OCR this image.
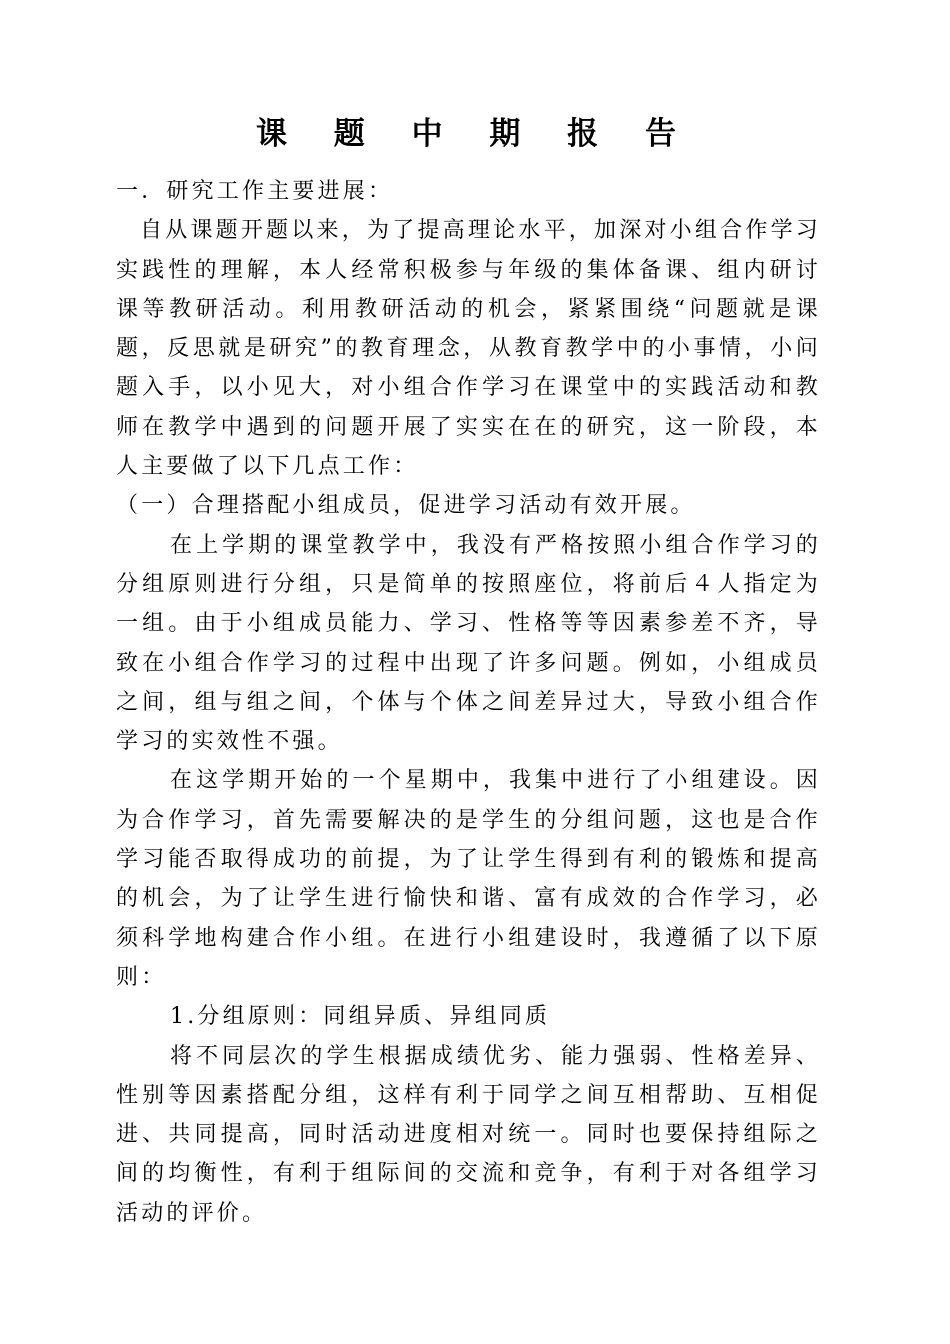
课 题 中 期 报 告

一．研究工作主要进展：

自从课题开题以来，为了提高理论水平，加深对小组合作学习实践性的理解，本人经常积极参与年级的集体备课、组内研讨课等教研活动。利用教研活动的机会，紧紧围绕“问题就是课题，反思就是研究”的教育理念，从教育教学中的小事情，小问题入手，以小见大，对小组合作学习在课堂中的实践活动和教师在教学中遇到的问题开展了实实在在的研究，这一阶段，本人主要做了以下几点工作：

（一）合理搭配小组成员，促进学习活动有效开展。

在上学期的课堂教学中，我没有严格按照小组合作学习的分组原则进行分组，只是简单的按照座位，将前后４人指定为一组。由于小组成员能力、学习、性格等等因素参差不齐，导致在小组合作学习的过程中出现了许多问题。例如，小组成员之间，组与组之间，个体与个体之间差异过大，导致小组合作学习的实效性不强。

在这学期开始的一个星期中，我集中进行了小组建设。因为合作学习，首先需要解决的是学生的分组问题，这也是合作学习能否取得成功的前提，为了让学生得到有利的锻炼和提高的机会，为了让学生进行愉快和谐、富有成效的合作学习，必须科学地构建合作小组。在进行小组建设时，我遵循了以下原则：

1.分组原则：同组异质、异组同质

将不同层次的学生根据成绩优劣、能力强弱、性格差异、性别等因素搭配分组，这样有利于同学之间互相帮助、互相促进、共同提高，同时活动进度相对统一。同时也要保持组际之间的均衡性，有利于组际间的交流和竞争，有利于对各组学习活动的评价。
